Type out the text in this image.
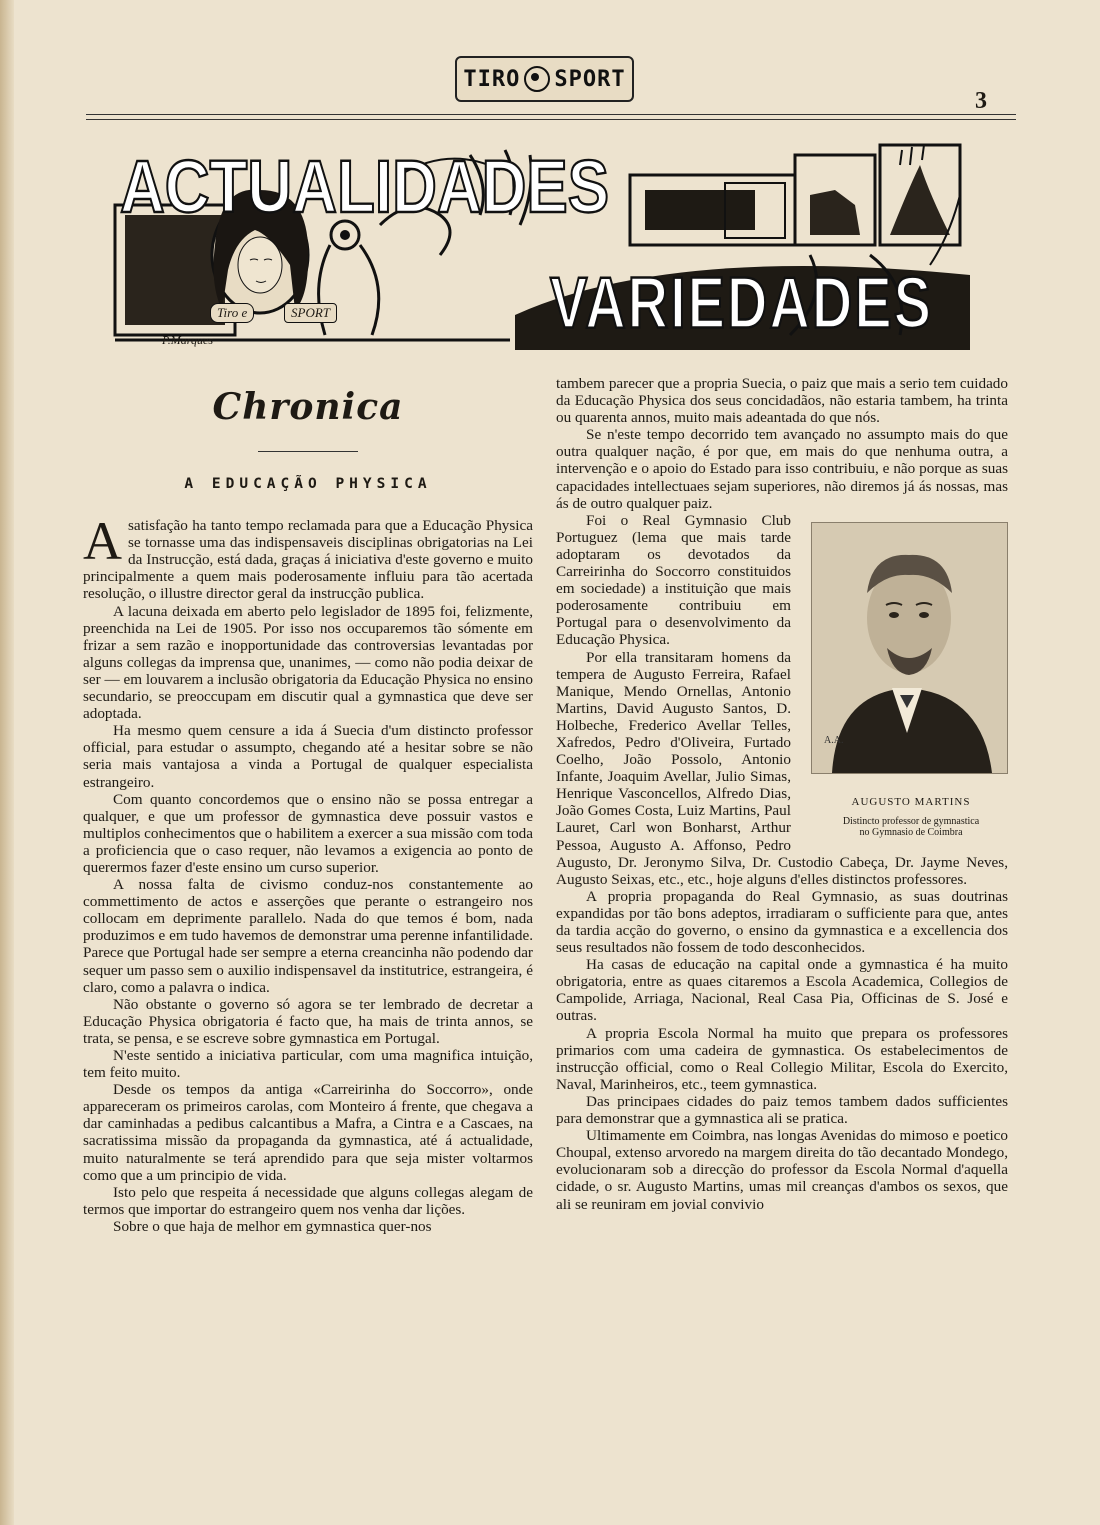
TIRO SPORT
3
ACTUALIDADES
VARIEDADES
Tiro e	SPORT
P.Marques
Chronica
A EDUCAÇÃO PHYSICA

Asatisfação ha tanto tempo reclamada para que a Educação Physica se tornasse uma das indispensaveis disciplinas obrigatorias na Lei da Instrucção, está dada, graças á iniciativa d'este governo e muito principalmente a quem mais poderosamente influiu para tão acertada resolução, o illustre director geral da instrucção publica.

A lacuna deixada em aberto pelo legislador de 1895 foi, felizmente, preenchida na Lei de 1905. Por isso nos occuparemos tão sómente em frizar a sem razão e inopportunidade das controversias levantadas por alguns collegas da imprensa que, unanimes, — como não podia deixar de ser — em louvarem a inclusão obrigatoria da Educação Physica no ensino secundario, se preoccupam em discutir qual a gymnastica que deve ser adoptada.

Ha mesmo quem censure a ida á Suecia d'um distincto professor official, para estudar o assumpto, chegando até a hesitar sobre se não seria mais vantajosa a vinda a Portugal de qualquer especialista estrangeiro.

Com quanto concordemos que o ensino não se possa entregar a qualquer, e que um professor de gymnastica deve possuir vastos e multiplos conhecimentos que o habilitem a exercer a sua missão com toda a proficiencia que o caso requer, não levamos a exigencia ao ponto de querermos fazer d'este ensino um curso superior.

A nossa falta de civismo conduz-nos constantemente ao commettimento de actos e asserções que perante o estrangeiro nos collocam em deprimente parallelo. Nada do que temos é bom, nada produzimos e em tudo havemos de demonstrar uma perenne infantilidade. Parece que Portugal hade ser sempre a eterna creancinha não podendo dar sequer um passo sem o auxilio indispensavel da institutrice, estrangeira, é claro, como a palavra o indica.

Não obstante o governo só agora se ter lembrado de decretar a Educação Physica obrigatoria é facto que, ha mais de trinta annos, se trata, se pensa, e se escreve sobre gymnastica em Portugal.

N'este sentido a iniciativa particular, com uma magnifica intuição, tem feito muito.

Desde os tempos da antiga «Carreirinha do Soccorro», onde appareceram os primeiros carolas, com Monteiro á frente, que chegava a dar caminhadas a pedibus calcantibus a Mafra, a Cintra e a Cascaes, na sacratissima missão da propaganda da gymnastica, até á actualidade, muito naturalmente se terá aprendido para que seja mister voltarmos como que a um principio de vida.

Isto pelo que respeita á necessidade que alguns collegas alegam de termos que importar do estrangeiro quem nos venha dar lições.

Sobre o que haja de melhor em gymnastica quer-nos

tambem parecer que a propria Suecia, o paiz que mais a serio tem cuidado da Educação Physica dos seus concidadãos, não estaria tambem, ha trinta ou quarenta annos, muito mais adeantada do que nós.

Se n'este tempo decorrido tem avançado no assumpto mais do que outra qualquer nação, é por que, em mais do que nenhuma outra, a intervenção e o apoio do Estado para isso contribuiu, e não porque as suas capacidades intellectuaes sejam superiores, não diremos já ás nossas, mas ás de outro qualquer paiz.

A.A.
AUGUSTO MARTINS
Distincto professor de gymnastica
no Gymnasio de Coimbra

Foi o Real Gymnasio Club Portuguez (lema que mais tarde adoptaram os devotados da Carreirinha do Soccorro constituidos em sociedade) a instituição que mais poderosamente contribuiu em Portugal para o desenvolvimento da Educação Physica.

Por ella transitaram homens da tempera de Augusto Ferreira, Rafael Manique, Mendo Ornellas, Antonio Martins, David Augusto Santos, D. Holbeche, Frederico Avellar Telles, Xafredos, Pedro d'Oliveira, Furtado Coelho, João Possolo, Antonio Infante, Joaquim Avellar, Julio Simas, Henrique Vasconcellos, Alfredo Dias, João Gomes Costa, Luiz Martins, Paul Lauret, Carl won Bonharst, Arthur Pessoa, Augusto A. Affonso, Pedro Augusto, Dr. Jeronymo Silva, Dr. Custodio Cabeça, Dr. Jayme Neves, Augusto Seixas, etc., etc., hoje alguns d'elles distinctos professores.

A propria propaganda do Real Gymnasio, as suas doutrinas expandidas por tão bons adeptos, irradiaram o sufficiente para que, antes da tardia acção do governo, o ensino da gymnastica e a excellencia dos seus resultados não fossem de todo desconhecidos.

Ha casas de educação na capital onde a gymnastica é ha muito obrigatoria, entre as quaes citaremos a Escola Academica, Collegios de Campolide, Arriaga, Nacional, Real Casa Pia, Officinas de S. José e outras.

A propria Escola Normal ha muito que prepara os professores primarios com uma cadeira de gymnastica. Os estabelecimentos de instrucção official, como o Real Collegio Militar, Escola do Exercito, Naval, Marinheiros, etc., teem gymnastica.

Das principaes cidades do paiz temos tambem dados sufficientes para demonstrar que a gymnastica ali se pratica.

Ultimamente em Coimbra, nas longas Avenidas do mimoso e poetico Choupal, extenso arvoredo na margem direita do tão decantado Mondego, evolucionaram sob a direcção do professor da Escola Normal d'aquella cidade, o sr. Augusto Martins, umas mil creanças d'ambos os sexos, que ali se reuniram em jovial convivio
